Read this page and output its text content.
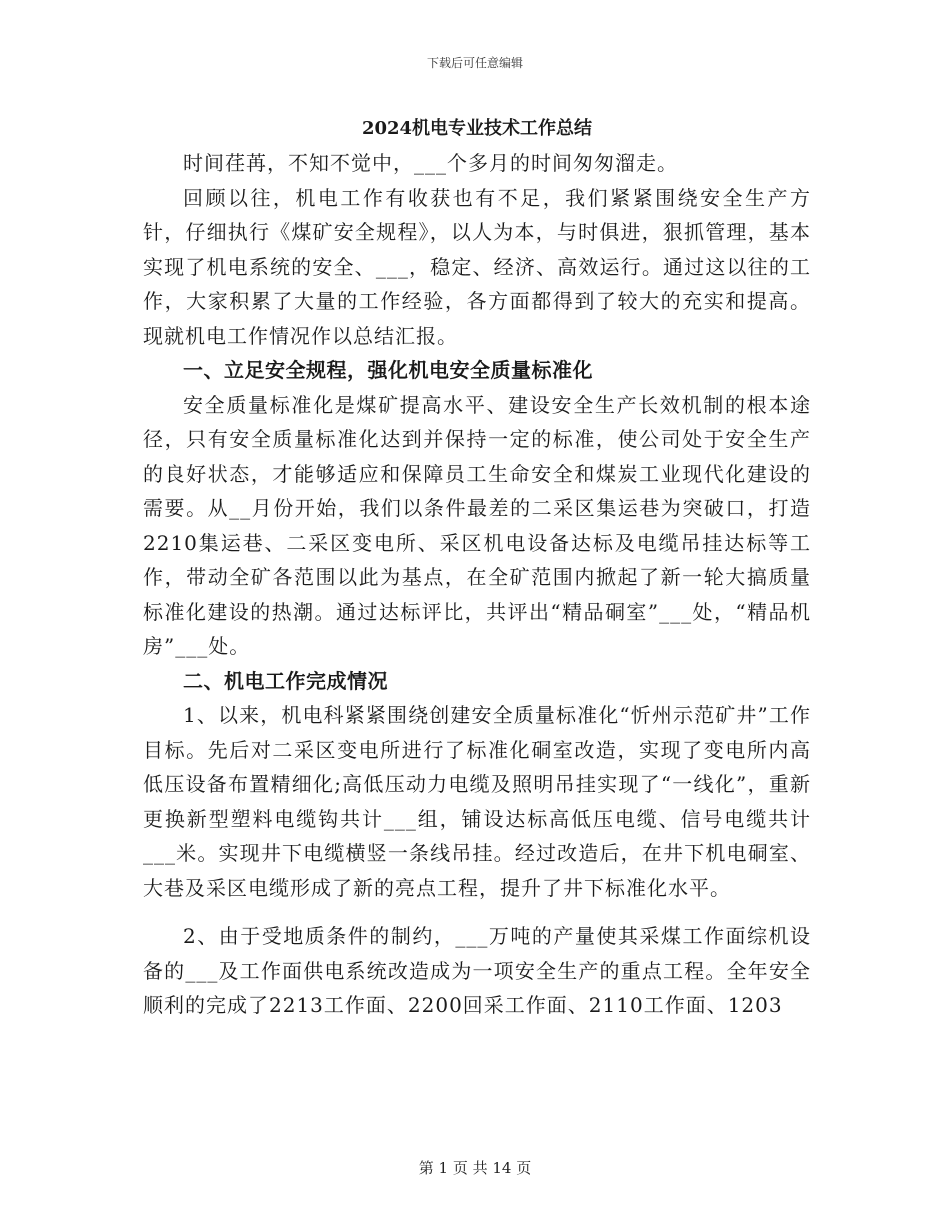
下载后可任意编辑
2024机电专业技术工作总结

时间荏苒，不知不觉中，___个多月的时间匆匆溜走。

回顾以往，机电工作有收获也有不足，我们紧紧围绕安全生产方针，仔细执行《煤矿安全规程》，以人为本，与时俱进，狠抓管理，基本实现了机电系统的安全、___，稳定、经济、高效运行。通过这以往的工作，大家积累了大量的工作经验，各方面都得到了较大的充实和提高。现就机电工作情况作以总结汇报。

一、立足安全规程，强化机电安全质量标准化

安全质量标准化是煤矿提高水平、建设安全生产长效机制的根本途径，只有安全质量标准化达到并保持一定的标准，使公司处于安全生产的良好状态，才能够适应和保障员工生命安全和煤炭工业现代化建设的需要。从__月份开始，我们以条件最差的二采区集运巷为突破口，打造2210集运巷、二采区变电所、采区机电设备达标及电缆吊挂达标等工作，带动全矿各范围以此为基点，在全矿范围内掀起了新一轮大搞质量标准化建设的热潮。通过达标评比，共评出“精品硐室”___处，“精品机房”___处。

二、机电工作完成情况

1、以来，机电科紧紧围绕创建安全质量标准化“忻州示范矿井”工作目标。先后对二采区变电所进行了标准化硐室改造，实现了变电所内高低压设备布置精细化;高低压动力电缆及照明吊挂实现了“一线化”，重新更换新型塑料电缆钩共计___组，铺设达标高低压电缆、信号电缆共计___米。实现井下电缆横竖一条线吊挂。经过改造后，在井下机电硐室、大巷及采区电缆形成了新的亮点工程，提升了井下标准化水平。

2、由于受地质条件的制约，___万吨的产量使其采煤工作面综机设备的___及工作面供电系统改造成为一项安全生产的重点工程。全年安全顺利的完成了2213工作面、2200回采工作面、2110工作面、1203

第 1 页 共 14 页
